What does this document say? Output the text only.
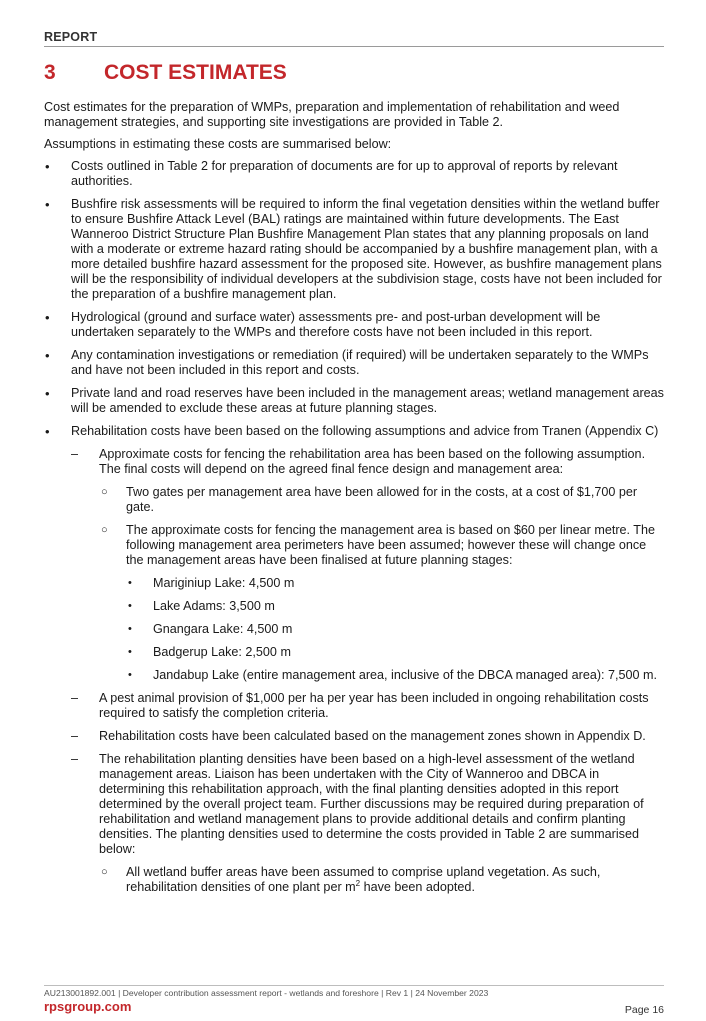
REPORT
3 COST ESTIMATES

Cost estimates for the preparation of WMPs, preparation and implementation of rehabilitation and weed management strategies, and supporting site investigations are provided in Table 2.

Assumptions in estimating these costs are summarised below:

• Costs outlined in Table 2 for preparation of documents are for up to approval of reports by relevant authorities.
• Bushfire risk assessments will be required to inform the final vegetation densities within the wetland buffer to ensure Bushfire Attack Level (BAL) ratings are maintained within future developments. The East Wanneroo District Structure Plan Bushfire Management Plan states that any planning proposals on land with a moderate or extreme hazard rating should be accompanied by a bushfire management plan, with a more detailed bushfire hazard assessment for the proposed site. However, as bushfire management plans will be the responsibility of individual developers at the subdivision stage, costs have not been included for the preparation of a bushfire management plan.
• Hydrological (ground and surface water) assessments pre- and post-urban development will be undertaken separately to the WMPs and therefore costs have not been included in this report.
• Any contamination investigations or remediation (if required) will be undertaken separately to the WMPs and have not been included in this report and costs.
• Private land and road reserves have been included in the management areas; wetland management areas will be amended to exclude these areas at future planning stages.
• Rehabilitation costs have been based on the following assumptions and advice from Tranen (Appendix C)
– Approximate costs for fencing the rehabilitation area has been based on the following assumption. The final costs will depend on the agreed final fence design and management area:
○ Two gates per management area have been allowed for in the costs, at a cost of $1,700 per gate.
○ The approximate costs for fencing the management area is based on $60 per linear metre. The following management area perimeters have been assumed; however these will change once the management areas have been finalised at future planning stages:
• Mariginiup Lake: 4,500 m
• Lake Adams: 3,500 m
• Gnangara Lake: 4,500 m
• Badgerup Lake: 2,500 m
• Jandabup Lake (entire management area, inclusive of the DBCA managed area): 7,500 m.
– A pest animal provision of $1,000 per ha per year has been included in ongoing rehabilitation costs required to satisfy the completion criteria.
– Rehabilitation costs have been calculated based on the management zones shown in Appendix D.
– The rehabilitation planting densities have been based on a high-level assessment of the wetland management areas. Liaison has been undertaken with the City of Wanneroo and DBCA in determining this rehabilitation approach, with the final planting densities adopted in this report determined by the overall project team. Further discussions may be required during preparation of rehabilitation and wetland management plans to provide additional details and confirm planting densities. The planting densities used to determine the costs provided in Table 2 are summarised below:
○ All wetland buffer areas have been assumed to comprise upland vegetation. As such, rehabilitation densities of one plant per $m^2$ have been adopted.
AU213001892.001 | Developer contribution assessment report - wetlands and foreshore | Rev 1 | 24 November 2023
rpsgroup.com	Page 16
